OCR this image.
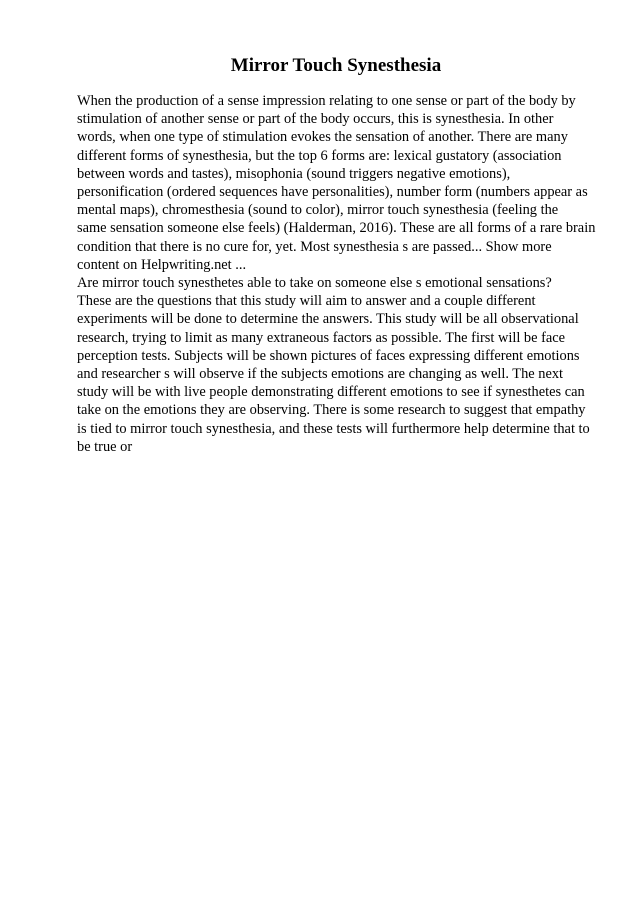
Mirror Touch Synesthesia
When the production of a sense impression relating to one sense or part of the body by
stimulation of another sense or part of the body occurs, this is synesthesia. In other
words, when one type of stimulation evokes the sensation of another. There are many
different forms of synesthesia, but the top 6 forms are: lexical gustatory (association
between words and tastes), misophonia (sound triggers negative emotions),
personification (ordered sequences have personalities), number form (numbers appear as
mental maps), chromesthesia (sound to color), mirror touch synesthesia (feeling the
same sensation someone else feels) (Halderman, 2016). These are all forms of a rare brain
condition that there is no cure for, yet. Most synesthesia s are passed... Show more
content on Helpwriting.net ...
Are mirror touch synesthetes able to take on someone else s emotional sensations?
These are the questions that this study will aim to answer and a couple different
experiments will be done to determine the answers. This study will be all observational
research, trying to limit as many extraneous factors as possible. The first will be face
perception tests. Subjects will be shown pictures of faces expressing different emotions
and researcher s will observe if the subjects emotions are changing as well. The next
study will be with live people demonstrating different emotions to see if synesthetes can
take on the emotions they are observing. There is some research to suggest that empathy
is tied to mirror touch synesthesia, and these tests will furthermore help determine that to
be true or
